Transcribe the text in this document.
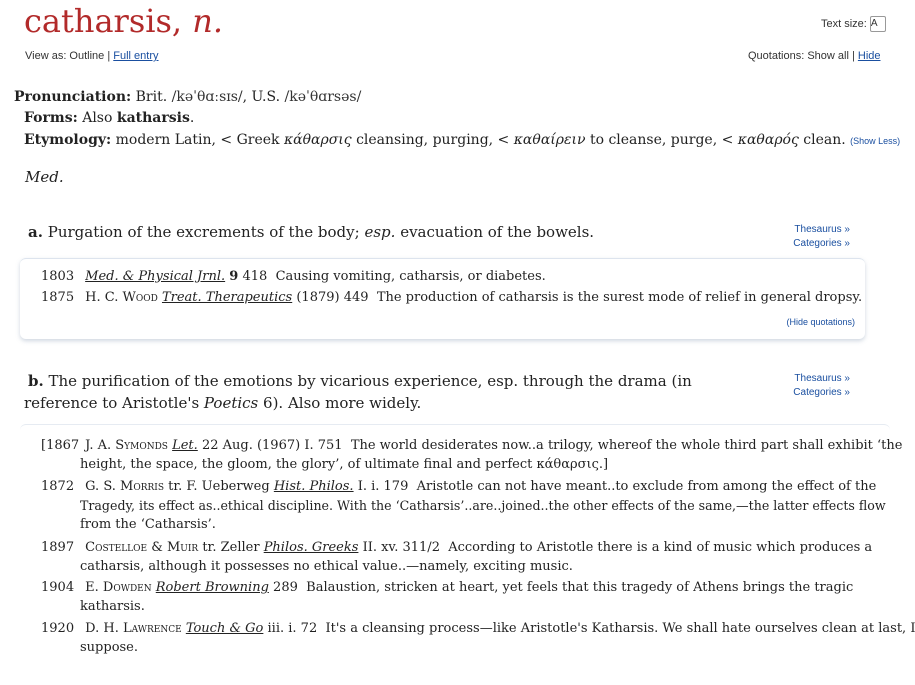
catharsis, n.
View as: Outline | Full entry
Text size: A
Quotations: Show all | Hide
Pronunciation: Brit. /kəˈθɑːsɪs/, U.S. /kəˈθɑrsəs/
Forms: Also katharsis.
Etymology: modern Latin, < Greek κάθαρσις cleansing, purging, < καθαίρειν to cleanse, purge, < καθαρός clean. (Show Less)
Med.
a. Purgation of the excrements of the body; esp. evacuation of the bowels.	Thesaurus »
Categories »
1803 Med. & Physical Jrnl. 9 418 Causing vomiting, catharsis, or diabetes.
1875 H. C. Wood Treat. Therapeutics (1879) 449 The production of catharsis is the surest mode of relief in general dropsy.
(Hide quotations)
b. The purification of the emotions by vicarious experience, esp. through the drama (in
reference to Aristotle's Poetics 6). Also more widely.
Thesaurus »
Categories »
[1867 J. A. Symonds Let. 22 Aug. (1967) I. 751 The world desiderates now..a trilogy, whereof the whole third part shall exhibit ‘the
height, the space, the gloom, the glory’, of ultimate final and perfect κάθαρσις.]
1872 G. S. Morris tr. F. Ueberweg Hist. Philos. I. i. 179 Aristotle can not have meant..to exclude from among the effect of the
Tragedy, its effect as..ethical discipline. With the ‘Catharsis’..are..joined..the other effects of the same,—the latter effects flow
from the ‘Catharsis’.
1897 Costelloe & Muir tr. Zeller Philos. Greeks II. xv. 311/2 According to Aristotle there is a kind of music which produces a
catharsis, although it possesses no ethical value..—namely, exciting music.
1904 E. Dowden Robert Browning 289 Balaustion, stricken at heart, yet feels that this tragedy of Athens brings the tragic
katharsis.
1920 D. H. Lawrence Touch & Go iii. i. 72 It's a cleansing process—like Aristotle's Katharsis. We shall hate ourselves clean at last, I
suppose.
